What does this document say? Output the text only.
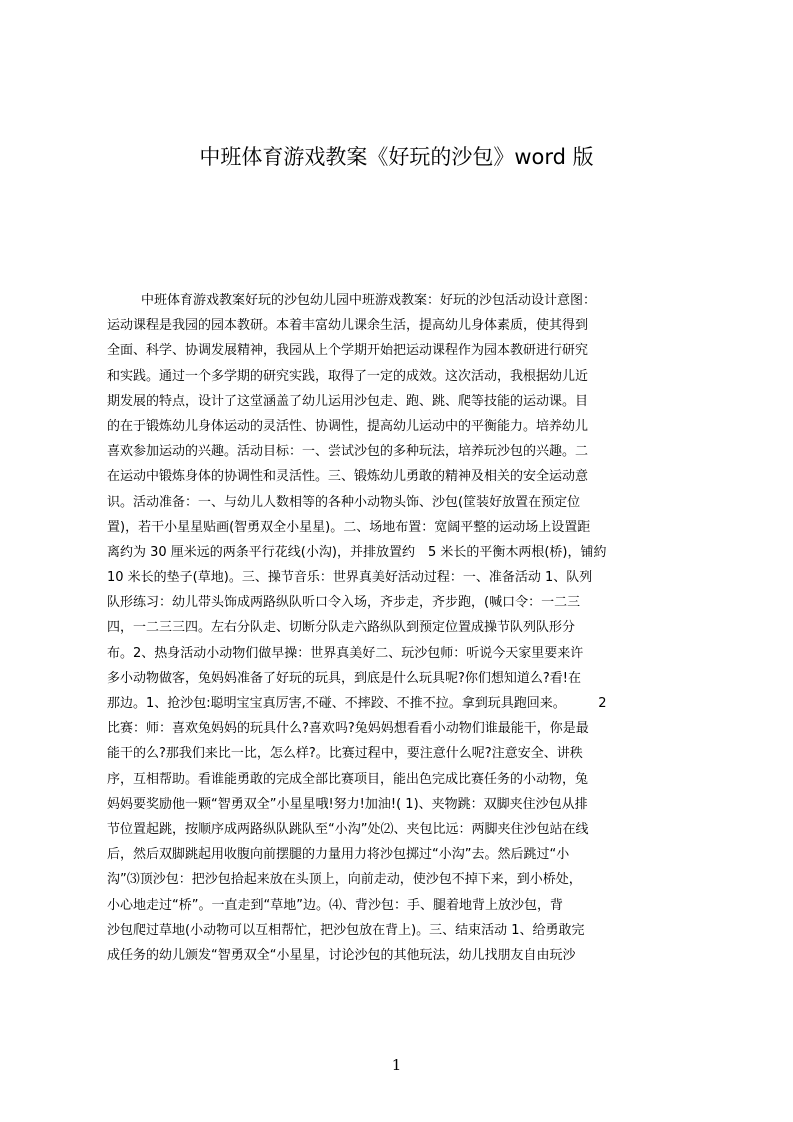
中班体育游戏教案《好玩的沙包》word 版
中班体育游戏教案好玩的沙包幼儿园中班游戏教案：好玩的沙包活动设计意图：
运动课程是我园的园本教研。本着丰富幼儿课余生活，提高幼儿身体素质，使其得到
全面、科学、协调发展精神，我园从上个学期开始把运动课程作为园本教研进行研究
和实践。通过一个多学期的研究实践，取得了一定的成效。这次活动，我根据幼儿近
期发展的特点，设计了这堂涵盖了幼儿运用沙包走、跑、跳、爬等技能的运动课。目
的在于锻炼幼儿身体运动的灵活性、协调性，提高幼儿运动中的平衡能力。培养幼儿
喜欢参加运动的兴趣。活动目标：一、尝试沙包的多种玩法，培养玩沙包的兴趣。二
在运动中锻炼身体的协调性和灵活性。三、锻炼幼儿勇敢的精神及相关的安全运动意
识。活动准备：一、与幼儿人数相等的各种小动物头饰、沙包(筐装好放置在预定位
置)，若干小星星贴画(智勇双全小星星)。二、场地布置：宽阔平整的运动场上设置距
离约为 30 厘米远的两条平行花线(小沟)，并排放置约　5 米长的平衡木两根(桥)，铺約
10 米长的垫子(草地)。三、操节音乐：世界真美好活动过程：一、准备活动 1、队列
队形练习：幼儿带头饰成两路纵队听口令入场，齐步走，齐步跑，(喊口令：一二三
四，一二三三四。左右分队走、切断分队走六路纵队到预定位置成操节队列队形分
布。2、热身活动小动物们做早操：世界真美好二、玩沙包师：听说今天家里要来许
多小动物做客，兔妈妈准备了好玩的玩具，到底是什么玩具呢?你们想知道么?看!在
那边。1、抢沙包:聪明宝宝真厉害,不碰、不摔跤、不推不拉。拿到玩具跑回来。　　　2
比赛：师：喜欢兔妈妈的玩具什么?喜欢吗?兔妈妈想看看小动物们谁最能干，你是最
能干的么?那我们来比一比，怎么样?。比赛过程中，要注意什么呢?注意安全、讲秩
序，互相帮助。看谁能勇敢的完成全部比赛项目，能出色完成比赛任务的小动物，兔
妈妈要奖励他一颗“智勇双全”小星星哦!努力!加油!( 1)、夹物跳：双脚夹住沙包从排
节位置起跳，按顺序成两路纵队跳队至“小沟”处⑵、夹包比远：两脚夹住沙包站在线
后，然后双脚跳起用收腹向前摆腿的力量用力将沙包掷过“小沟”去。然后跳过“小
沟”⑶顶沙包：把沙包拾起来放在头顶上，向前走动，使沙包不掉下来，到小桥处，
小心地走过“桥”。一直走到“草地”边。⑷、背沙包：手、腿着地背上放沙包，背
沙包爬过草地(小动物可以互相帮忙，把沙包放在背上)。三、结束活动 1、给勇敢完
成任务的幼儿颁发“智勇双全“小星星，讨论沙包的其他玩法，幼儿找朋友自由玩沙
1
